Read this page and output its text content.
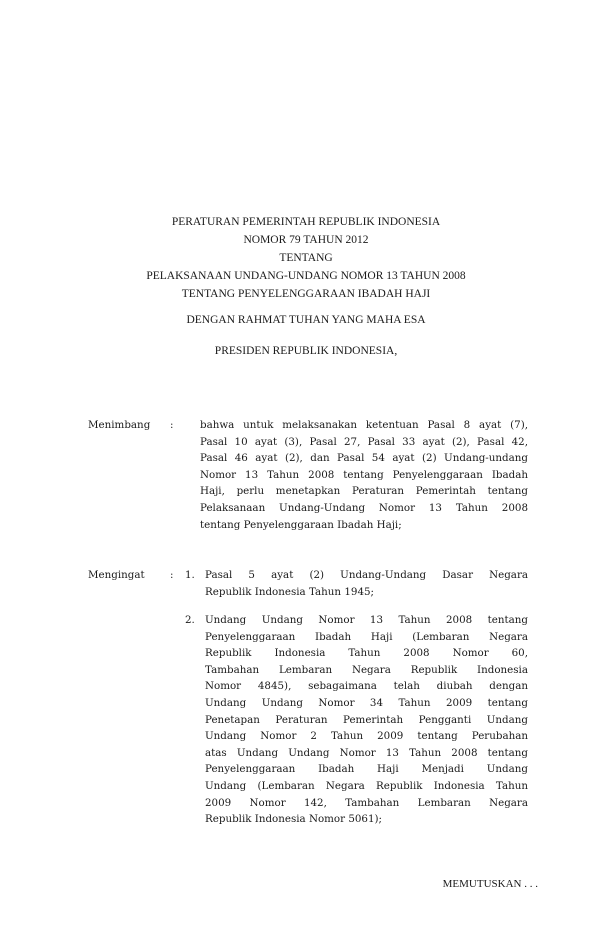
PERATURAN PEMERINTAH REPUBLIK INDONESIA
NOMOR 79 TAHUN 2012
TENTANG
PELAKSANAAN UNDANG-UNDANG NOMOR 13 TAHUN 2008
TENTANG PENYELENGGARAAN IBADAH HAJI
DENGAN RAHMAT TUHAN YANG MAHA ESA
PRESIDEN REPUBLIK INDONESIA,
Menimbang :	bahwa untuk melaksanakan ketentuan Pasal 8 ayat (7),
Pasal 10 ayat (3), Pasal 27, Pasal 33 ayat (2), Pasal 42,
Pasal 46 ayat (2), dan Pasal 54 ayat (2) Undang-undang
Nomor 13 Tahun 2008 tentang Penyelenggaraan Ibadah
Haji, perlu menetapkan Peraturan Pemerintah tentang
Pelaksanaan Undang-Undang Nomor 13 Tahun 2008
tentang Penyelenggaraan Ibadah Haji;
Mengingat : 1. Pasal 5 ayat (2) Undang-Undang Dasar Negara
Republik Indonesia Tahun 1945;
2. Undang Undang Nomor 13 Tahun 2008 tentang
Penyelenggaraan Ibadah Haji (Lembaran Negara
Republik Indonesia Tahun 2008 Nomor 60,
Tambahan Lembaran Negara Republik Indonesia
Nomor 4845), sebagaimana telah diubah dengan
Undang Undang Nomor 34 Tahun 2009 tentang
Penetapan Peraturan Pemerintah Pengganti Undang
Undang Nomor 2 Tahun 2009 tentang Perubahan
atas Undang Undang Nomor 13 Tahun 2008 tentang
Penyelenggaraan Ibadah Haji Menjadi Undang
Undang (Lembaran Negara Republik Indonesia Tahun
2009 Nomor 142, Tambahan Lembaran Negara
Republik Indonesia Nomor 5061);
MEMUTUSKAN . . .
